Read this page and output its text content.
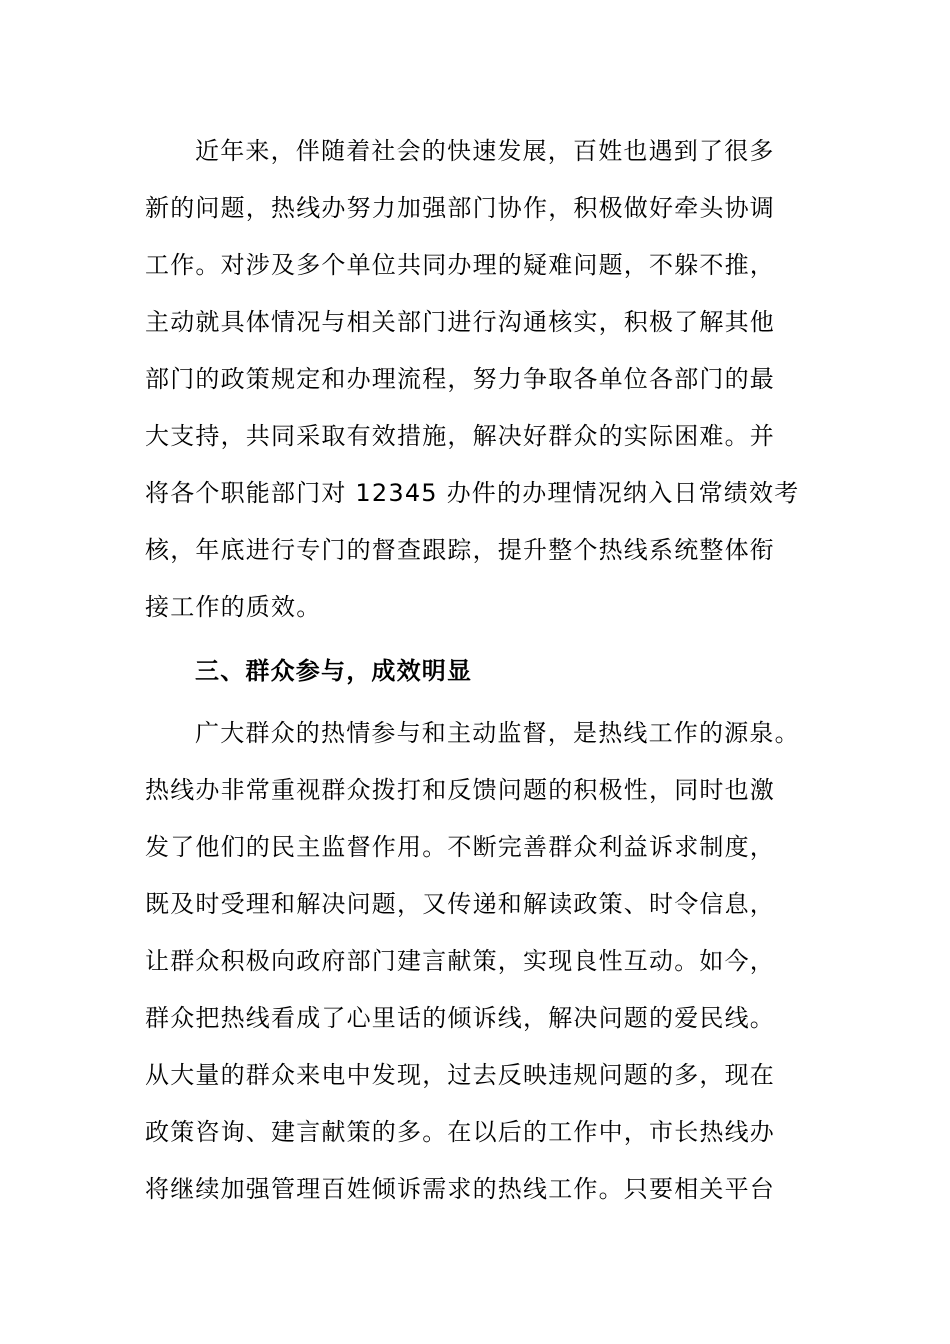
近年来，伴随着社会的快速发展，百姓也遇到了很多
新的问题，热线办努力加强部门协作，积极做好牵头协调
工作。对涉及多个单位共同办理的疑难问题，不躲不推，
主动就具体情况与相关部门进行沟通核实，积极了解其他
部门的政策规定和办理流程，努力争取各单位各部门的最
大支持，共同采取有效措施，解决好群众的实际困难。并
将各个职能部门对 12345 办件的办理情况纳入日常绩效考
核，年底进行专门的督查跟踪，提升整个热线系统整体衔
接工作的质效。
三、群众参与，成效明显
广大群众的热情参与和主动监督，是热线工作的源泉。
热线办非常重视群众拨打和反馈问题的积极性，同时也激
发了他们的民主监督作用。不断完善群众利益诉求制度，
既及时受理和解决问题，又传递和解读政策、时令信息，
让群众积极向政府部门建言献策，实现良性互动。如今，
群众把热线看成了心里话的倾诉线，解决问题的爱民线。
从大量的群众来电中发现，过去反映违规问题的多，现在
政策咨询、建言献策的多。在以后的工作中，市长热线办
将继续加强管理百姓倾诉需求的热线工作。只要相关平台
